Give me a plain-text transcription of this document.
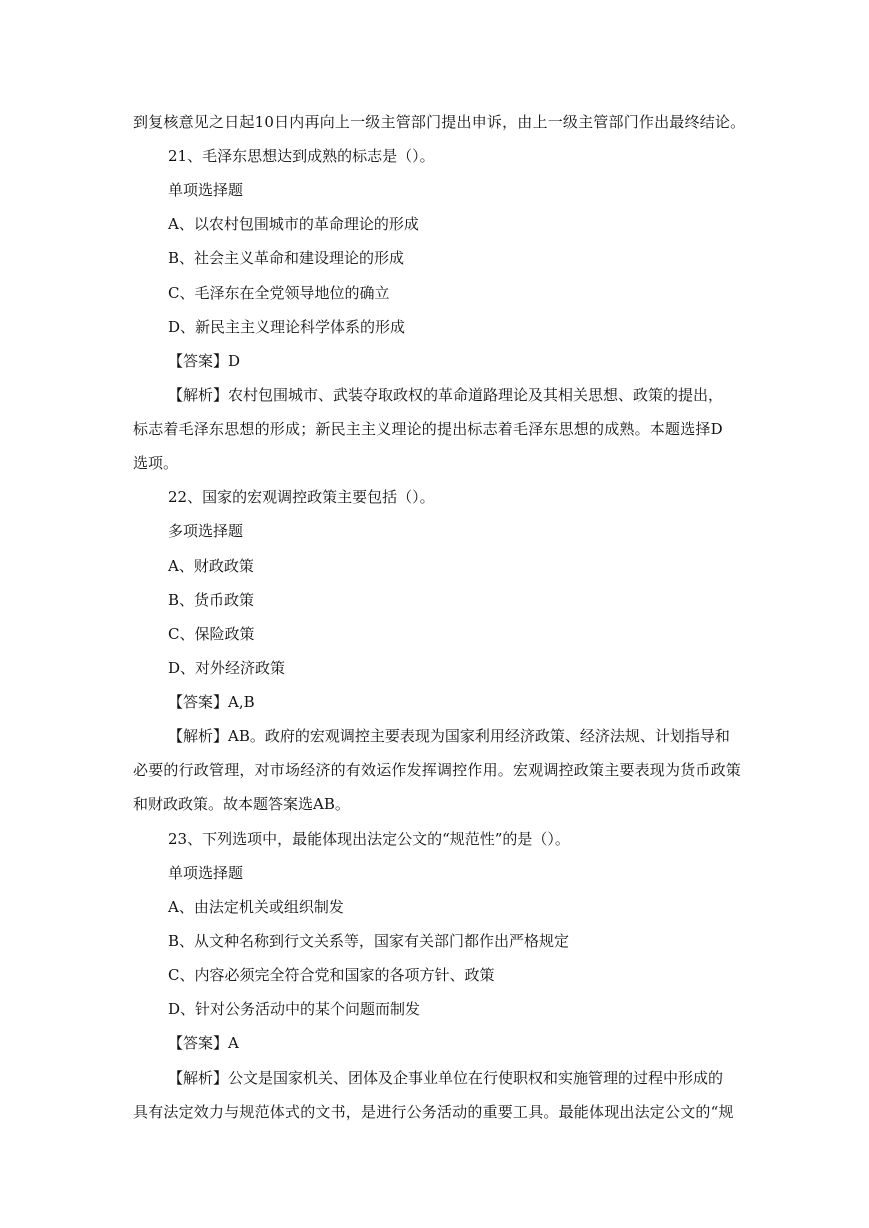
到复核意见之日起10日内再向上一级主管部门提出申诉，由上一级主管部门作出最终结论。
21、毛泽东思想达到成熟的标志是（）。
单项选择题
A、以农村包围城市的革命理论的形成
B、社会主义革命和建设理论的形成
C、毛泽东在全党领导地位的确立
D、新民主主义理论科学体系的形成
【答案】D
【解析】农村包围城市、武装夺取政权的革命道路理论及其相关思想、政策的提出，
标志着毛泽东思想的形成；新民主主义理论的提出标志着毛泽东思想的成熟。本题选择D
选项。
22、国家的宏观调控政策主要包括（）。
多项选择题
A、财政政策
B、货币政策
C、保险政策
D、对外经济政策
【答案】A,B
【解析】AB。政府的宏观调控主要表现为国家利用经济政策、经济法规、计划指导和
必要的行政管理，对市场经济的有效运作发挥调控作用。宏观调控政策主要表现为货币政策
和财政政策。故本题答案选AB。
23、下列选项中，最能体现出法定公文的“规范性”的是（）。
单项选择题
A、由法定机关或组织制发
B、从文种名称到行文关系等，国家有关部门都作出严格规定
C、内容必须完全符合党和国家的各项方针、政策
D、针对公务活动中的某个问题而制发
【答案】A
【解析】公文是国家机关、团体及企事业单位在行使职权和实施管理的过程中形成的
具有法定效力与规范体式的文书，是进行公务活动的重要工具。最能体现出法定公文的“规
